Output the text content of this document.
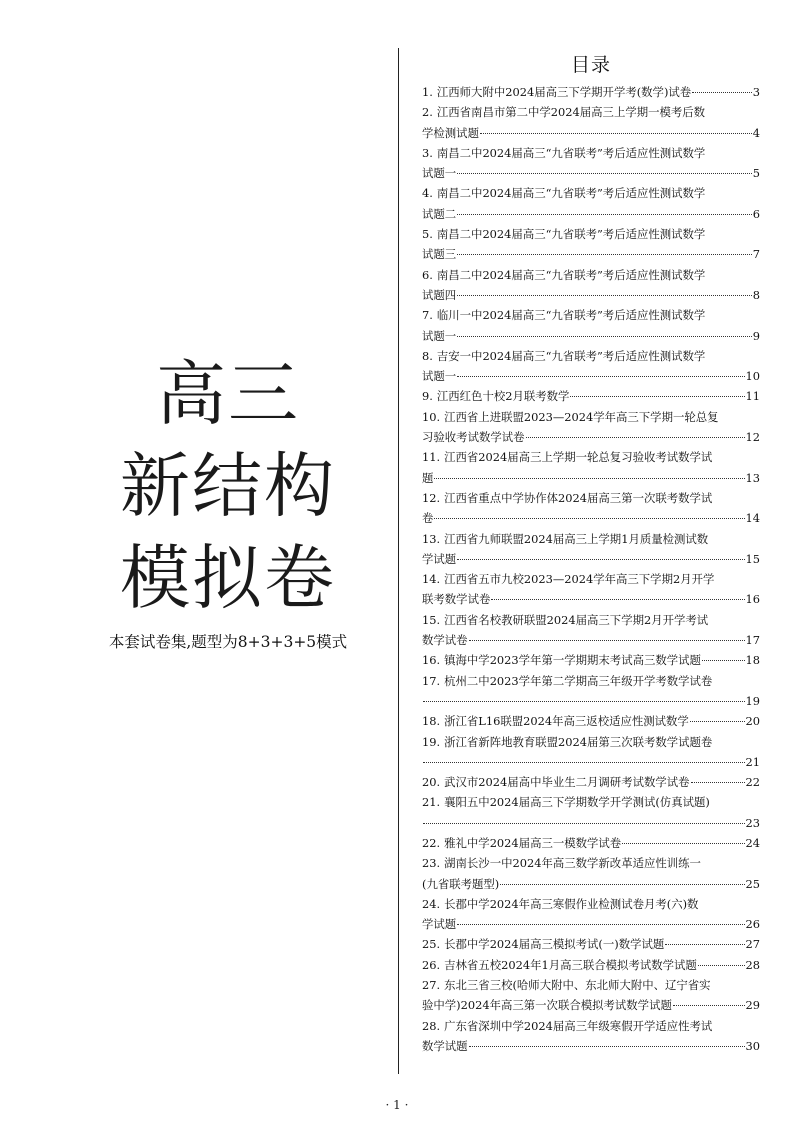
高三
新结构
模拟卷
本套试卷集,题型为8+3+3+5模式
目录
1. 江西师大附中2024届高三下学期开学考(数学)试卷	3
2. 江西省南昌市第二中学2024届高三上学期一模考后数
学检测试题	4
3. 南昌二中2024届高三“九省联考”考后适应性测试数学
试题一	5
4. 南昌二中2024届高三“九省联考”考后适应性测试数学
试题二	6
5. 南昌二中2024届高三“九省联考”考后适应性测试数学
试题三	7
6. 南昌二中2024届高三“九省联考”考后适应性测试数学
试题四	8
7. 临川一中2024届高三“九省联考”考后适应性测试数学
试题一	9
8. 吉安一中2024届高三“九省联考”考后适应性测试数学
试题一	10
9. 江西红色十校2月联考数学	11
10. 江西省上进联盟2023—2024学年高三下学期一轮总复
习验收考试数学试卷	12
11. 江西省2024届高三上学期一轮总复习验收考试数学试
题	13
12. 江西省重点中学协作体2024届高三第一次联考数学试
卷	14
13. 江西省九师联盟2024届高三上学期1月质量检测试数
学试题	15
14. 江西省五市九校2023—2024学年高三下学期2月开学
联考数学试卷	16
15. 江西省名校教研联盟2024届高三下学期2月开学考试
数学试卷	17
16. 镇海中学2023学年第一学期期末考试高三数学试题	18
17. 杭州二中2023学年第二学期高三年级开学考数学试卷
19
18. 浙江省L16联盟2024年高三返校适应性测试数学	20
19. 浙江省新阵地教育联盟2024届第三次联考数学试题卷
21
20. 武汉市2024届高中毕业生二月调研考试数学试卷	22
21. 襄阳五中2024届高三下学期数学开学测试(仿真试题)
23
22. 雅礼中学2024届高三一模数学试卷	24
23. 湖南长沙一中2024年高三数学新改革适应性训练一
(九省联考题型)	25
24. 长郡中学2024年高三寒假作业检测试卷月考(六)数
学试题	26
25. 长郡中学2024届高三模拟考试(一)数学试题	27
26. 吉林省五校2024年1月高三联合模拟考试数学试题	28
27. 东北三省三校(哈师大附中、东北师大附中、辽宁省实
验中学)2024年高三第一次联合模拟考试数学试题	29
28. 广东省深圳中学2024届高三年级寒假开学适应性考试
数学试题	30
· 1 ·
